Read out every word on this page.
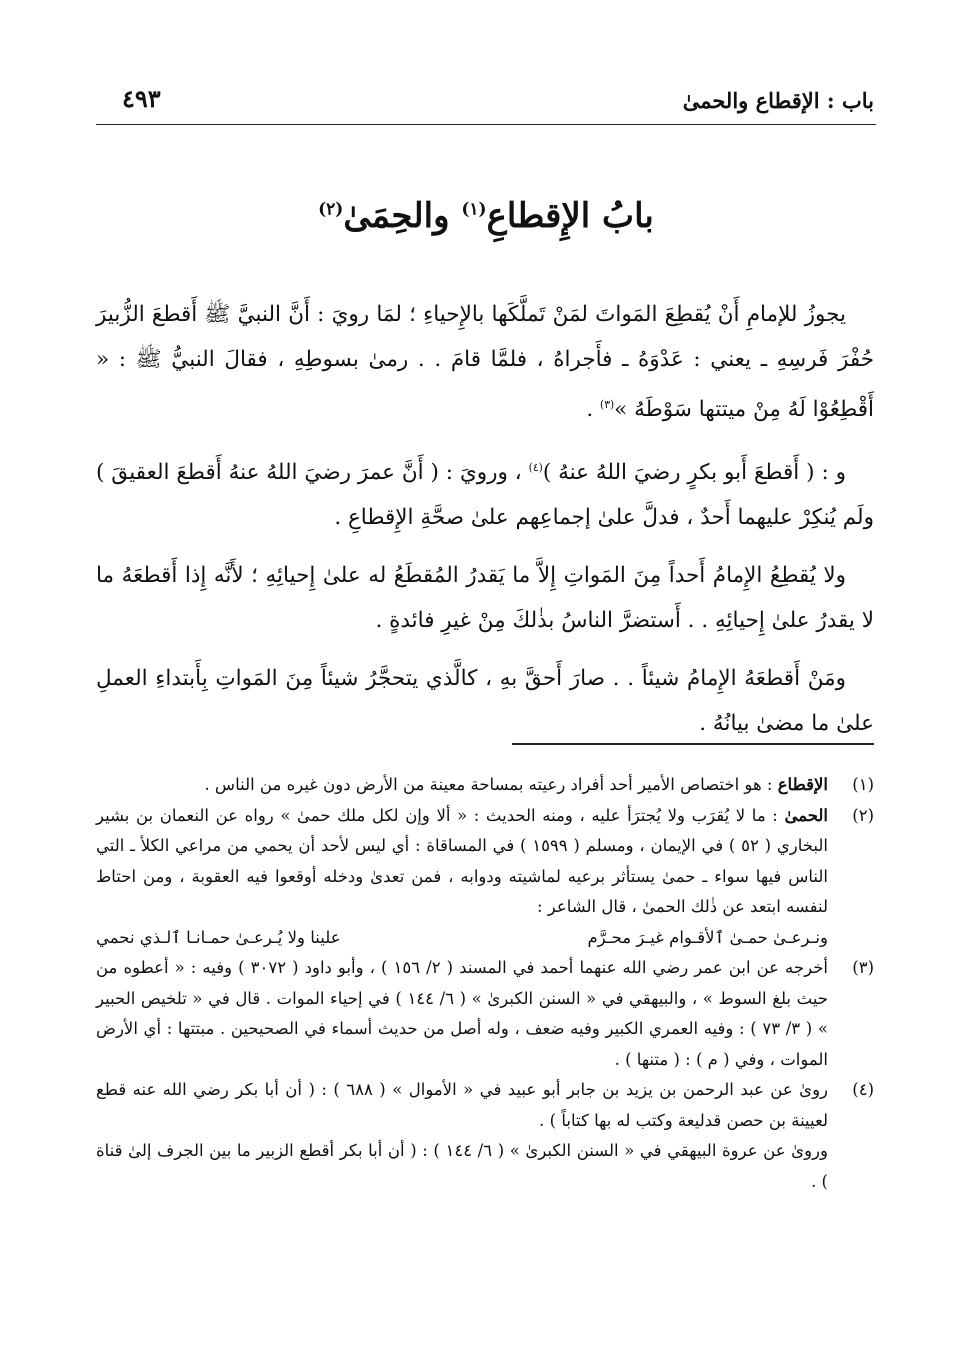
باب : الإقطاع والحمىٰ
٤٩٣
بابُ الإِقطاعِ$^{(١)}$ والحِمَىٰ$^{(٢)}$

يجوزُ للإمامِ أَنْ يُقطِعَ المَواتَ لمَنْ تَملَّكَها بالإِحياءِ ؛ لمَا رويَ : أَنَّ النبيَّ ﷺ أَقطعَ الزُّبيرَ حُفْرَ فَرسِهِ ـ يعني : عَدْوَهُ ـ فأَجراهُ ، فلمَّا قامَ . . رمىٰ بسوطِهِ ، فقالَ النبيُّ ﷺ : « أَقْطِعُوْا لَهُ مِنْ ميتتها سَوْطَهُ »$^{(٣)}$ .

و : ( أَقطعَ أَبو بكرٍ رضيَ اللهُ عنهُ )$^{(٤)}$ ، ورويَ : ( أَنَّ عمرَ رضيَ اللهُ عنهُ أَقطعَ العقيقَ ) ولَم يُنكِرْ عليهما أَحدٌ ، فدلَّ علىٰ إجماعِهم علىٰ صحَّةِ الإِقطاعِ .

ولا يُقطِعُ الإِمامُ أَحداً مِنَ المَواتِ إِلاَّ ما يَقدرُ المُقطَعُ له علىٰ إِحيائِهِ ؛ لأَنَّه إِذا أَقطعَهُ ما لا يقدرُ علىٰ إِحيائِهِ . . أَستضرَّ الناسُ بذٰلكَ مِنْ غيرِ فائدةٍ .

ومَنْ أَقطعَهُ الإِمامُ شيئاً . . صارَ أَحقَّ بهِ ، كالَّذي يتحجَّرُ شيئاً مِنَ المَواتِ بِأَبتداءِ العملِ علىٰ ما مضىٰ بيانُهُ .

(١)
الإقطاع : هو اختصاص الأمير أحد أفراد رعيته بمساحة معينة من الأرض دون غيره من الناس .
(٢)

الحمىٰ : ما لا يُقرَب ولا يُجترَأ عليه ، ومنه الحديث : « ألا وإن لكل ملك حمىٰ » رواه عن النعمان بن بشير البخاري ( ٥٢ ) في الإيمان ، ومسلم ( ١٥٩٩ ) في المساقاة : أي ليس لأحد أن يحمي من مراعي الكلأ ـ التي الناس فيها سواء ـ حمىٰ يستأثر برعيه لماشيته ودوابه ، فمن تعدىٰ ودخله أوقعوا فيه العقوبة ، ومن احتاط لنفسه ابتعد عن ذٰلك الحمىٰ ، قال الشاعر :

ونـرعـىٰ حمـىٰ ٱلأقـوام غيـرَ محـرَّم
علينا ولا يُـرعـىٰ حمـانـا ٱلـذي نحمي
(٣)
أخرجه عن ابن عمر رضي الله عنهما أحمد في المسند ( ٢/ ١٥٦ ) ، وأبو داود ( ٣٠٧٢ ) وفيه : « أعطوه من حيث بلغ السوط » ، والبيهقي في « السنن الكبرىٰ » ( ٦/ ١٤٤ ) في إحياء الموات . قال في « تلخيص الحبير » ( ٣/ ٧٣ ) : وفيه العمري الكبير وفيه ضعف ، وله أصل من حديث أسماء في الصحيحين . مبتتها : أي الأرض الموات ، وفي ( م ) : ( متنها ) .
(٤)

رویٰ عن عبد الرحمن بن يزيد بن جابر أبو عبيد في « الأموال » ( ٦٨٨ ) : ( أن أبا بكر رضي الله عنه قطع لعيينة بن حصن قدليعة وكتب له بها كتاباً ) .

ورویٰ عن عروة البيهقي في « السنن الكبرىٰ » ( ٦/ ١٤٤ ) : ( أن أبا بكر أقطع الزبير ما بين الجرف إلىٰ قناة ) .
